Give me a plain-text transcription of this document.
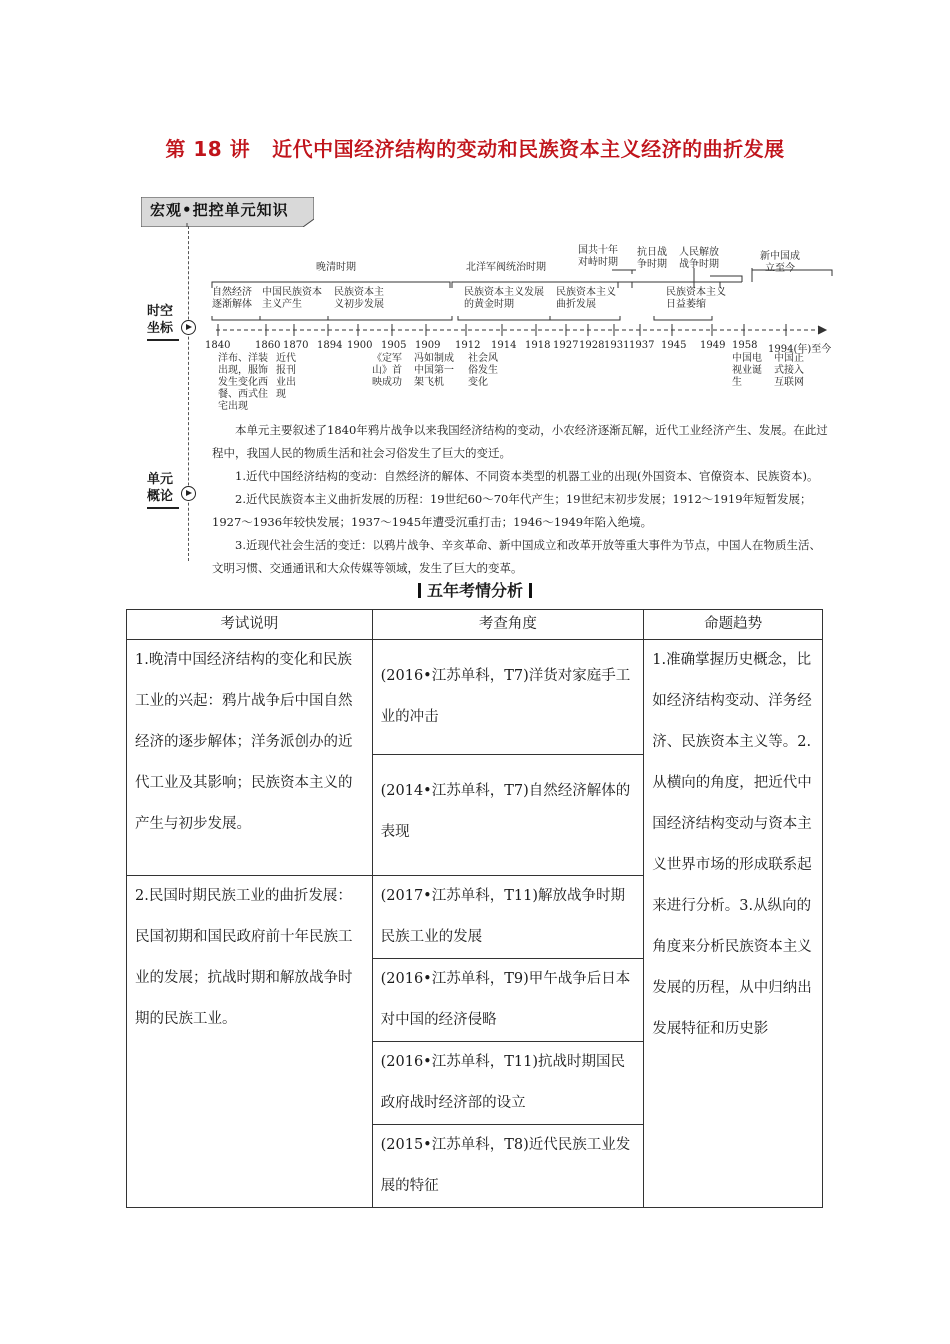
第 18 讲 近代中国经济结构的变动和民族资本主义经济的曲折发展
宏观•把控单元知识
时空坐标
单元概论
晚清时期	北洋军阀统治时期
国共十年对峙时期
抗日战争时期
人民解放战争时期
新中国成立至今
自然经济逐渐解体
中国民族资本主义产生
民族资本主义初步发展
民族资本主义发展的黄金时期
民族资本主义曲折发展
民族资本主义日益萎缩
1840 1860 1870 1894 1900 1905 1909 1912 1914 1918 1927 1928 1931 1937 1945 1949 1958 1994(年)至今
洋布、洋装出现，服饰发生变化西餐、西式住宅出现
近代报刊业出现
《定军山》首映成功
冯如制成中国第一架飞机
社会风俗发生变化
中国电视业诞生
中国正式接入互联网

本单元主要叙述了1840年鸦片战争以来我国经济结构的变动，小农经济逐渐瓦解，近代工业经济产生、发展。在此过程中，我国人民的物质生活和社会习俗发生了巨大的变迁。

1.近代中国经济结构的变动：自然经济的解体、不同资本类型的机器工业的出现(外国资本、官僚资本、民族资本)。

2.近代民族资本主义曲折发展的历程：19世纪60～70年代产生；19世纪末初步发展；1912～1919年短暂发展；1927～1936年较快发展；1937～1945年遭受沉重打击；1946～1949年陷入绝境。

3.近现代社会生活的变迁：以鸦片战争、辛亥革命、新中国成立和改革开放等重大事件为节点，中国人在物质生活、文明习惯、交通通讯和大众传媒等领域，发生了巨大的变革。

五年考情分析
考试说明	考查角度	命题趋势
1.晚清中国经济结构的变化和民族工业的兴起：鸦片战争后中国自然经济的逐步解体；洋务派创办的近代工业及其影响；民族资本主义的产生与初步发展。	(2016•江苏单科，T7)洋货对家庭手工业的冲击	1.准确掌握历史概念，比如经济结构变动、洋务经济、民族资本主义等。2.从横向的角度，把近代中国经济结构变动与资本主义世界市场的形成联系起来进行分析。3.从纵向的角度来分析民族资本主义发展的历程，从中归纳出发展特征和历史影

	(2014•江苏单科，T7)自然经济解体的表现	

2.民国时期民族工业的曲折发展：民国初期和国民政府前十年民族工业的发展；抗战时期和解放战争时期的民族工业。	(2017•江苏单科，T11)解放战争时期民族工业的发展	
	(2016•江苏单科，T9)甲午战争后日本对中国的经济侵略	
	(2016•江苏单科，T11)抗战时期国民政府战时经济部的设立	
	(2015•江苏单科，T8)近代民族工业发展的特征	
